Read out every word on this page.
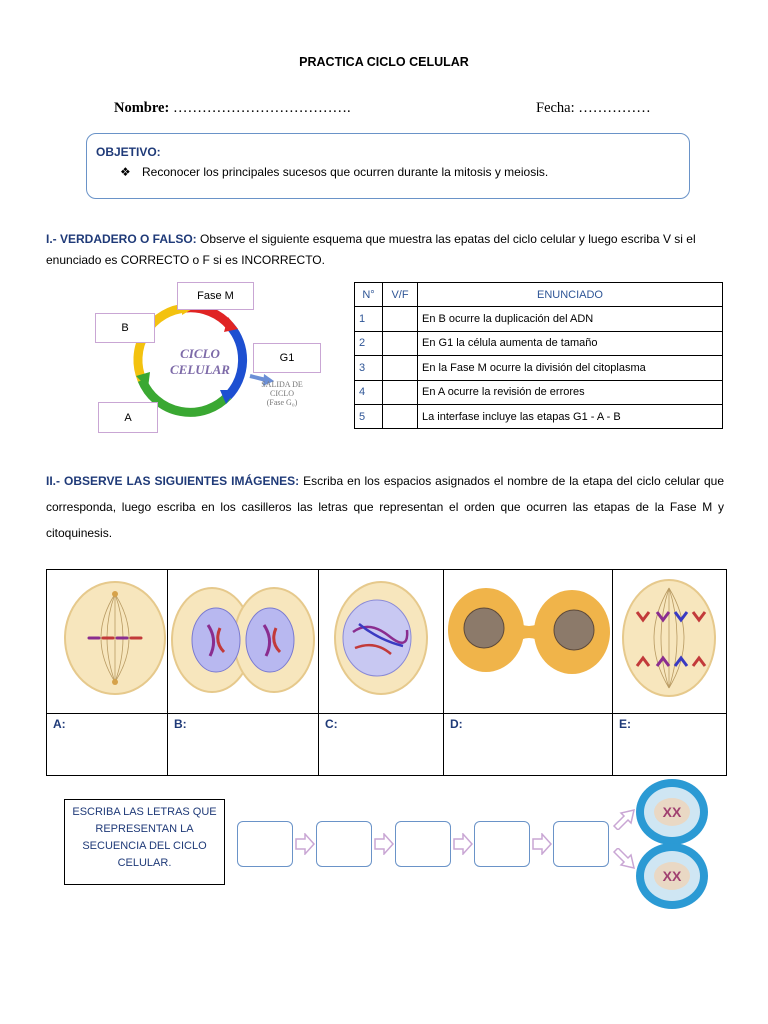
PRACTICA CICLO CELULAR
Nombre: ……………………………….	Fecha: ……………
OBJETIVO:
❖ Reconocer los principales sucesos que ocurren durante la mitosis y meiosis.
I.- VERDADERO O FALSO: Observe el siguiente esquema que muestra las epatas del ciclo celular y luego escriba V si el enunciado es CORRECTO o F si es INCORRECTO.
CICLO
CELULAR
SALIDA DE
CICLO
(Fase G₀)
Fase M
B
G1
A
N°	V/F	ENUNCIADO
1		En B ocurre la duplicación del ADN
2		En G1 la célula aumenta de tamaño
3		En la Fase M ocurre la división del citoplasma
4		En A ocurre la revisión de errores
5		La interfase incluye las etapas G1 - A - B
II.- OBSERVE LAS SIGUIENTES IMÁGENES: Escriba en los espacios asignados el nombre de la etapa del ciclo celular que corresponda, luego escriba en los casilleros las letras que representan el orden que ocurren las etapas de la Fase M y citoquinesis.

A:	B:	C:	D:	E:
ESCRIBA LAS LETRAS QUE
REPRESENTAN LA
SECUENCIA DEL CICLO
CELULAR.
XX
XX
